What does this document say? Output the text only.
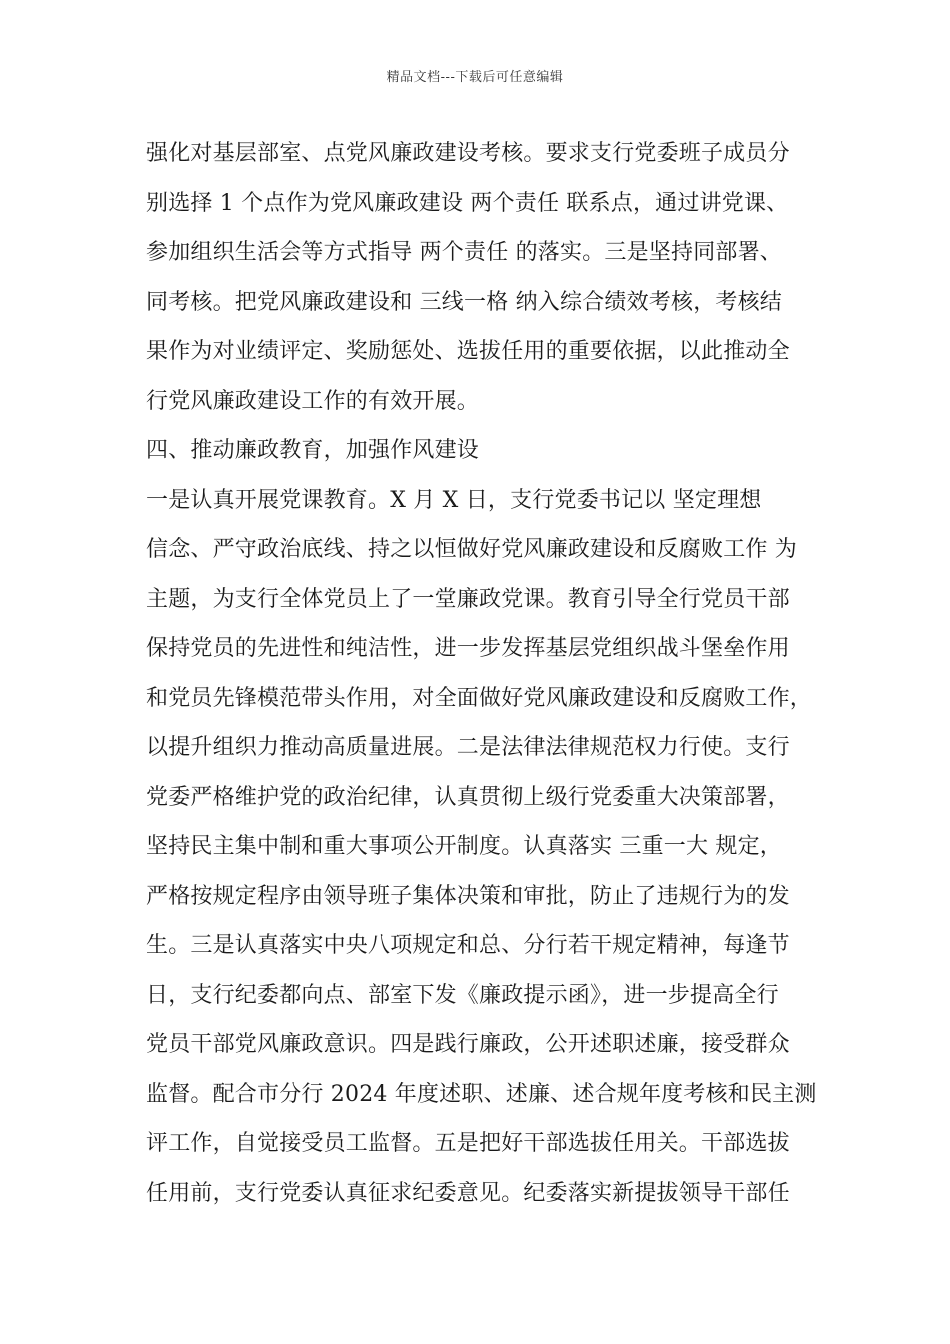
精品文档---下载后可任意编辑
强化对基层部室、点党风廉政建设考核。要求支行党委班子成员分
别选择 1 个点作为党风廉政建设 两个责任 联系点，通过讲党课、
参加组织生活会等方式指导 两个责任 的落实。三是坚持同部署、
同考核。把党风廉政建设和 三线一格 纳入综合绩效考核，考核结
果作为对业绩评定、奖励惩处、选拔任用的重要依据，以此推动全
行党风廉政建设工作的有效开展。
四、推动廉政教育，加强作风建设
一是认真开展党课教育。X 月 X 日，支行党委书记以 坚定理想
信念、严守政治底线、持之以恒做好党风廉政建设和反腐败工作 为
主题，为支行全体党员上了一堂廉政党课。教育引导全行党员干部
保持党员的先进性和纯洁性，进一步发挥基层党组织战斗堡垒作用
和党员先锋模范带头作用，对全面做好党风廉政建设和反腐败工作，
以提升组织力推动高质量进展。二是法律法律规范权力行使。支行
党委严格维护党的政治纪律，认真贯彻上级行党委重大决策部署，
坚持民主集中制和重大事项公开制度。认真落实 三重一大 规定，
严格按规定程序由领导班子集体决策和审批，防止了违规行为的发
生。三是认真落实中央八项规定和总、分行若干规定精神，每逢节
日，支行纪委都向点、部室下发《廉政提示函》，进一步提高全行
党员干部党风廉政意识。四是践行廉政，公开述职述廉，接受群众
监督。配合市分行 2024 年度述职、述廉、述合规年度考核和民主测
评工作，自觉接受员工监督。五是把好干部选拔任用关。干部选拔
任用前，支行党委认真征求纪委意见。纪委落实新提拔领导干部任
